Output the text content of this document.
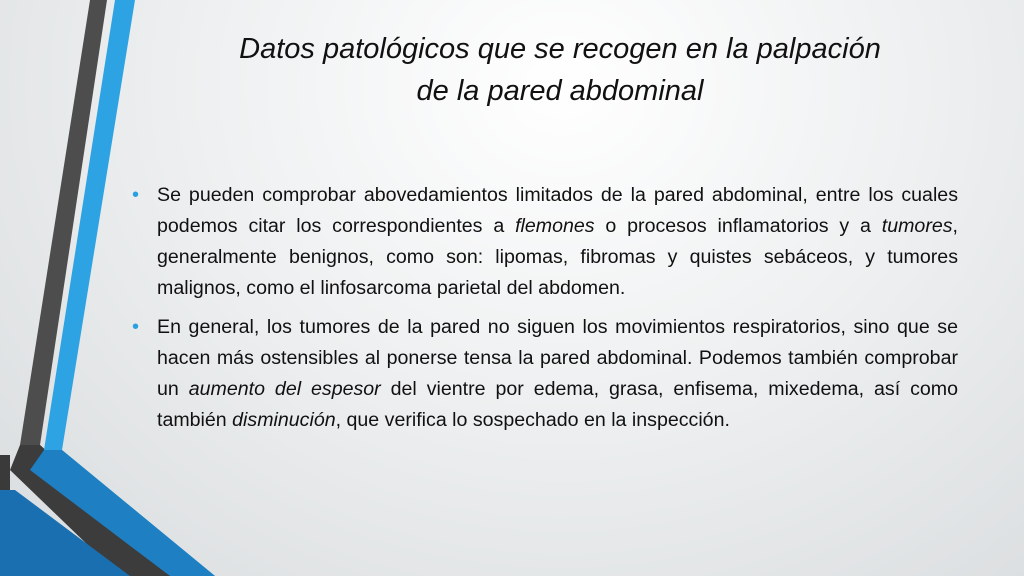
Datos patológicos que se recogen en la palpación
de la pared abdominal
• Se pueden comprobar abovedamientos limitados de la pared abdominal, entre los cuales podemos citar los correspondientes a flemones o procesos inflamatorios y a tumores, generalmente benignos, como son: lipomas, fibromas y quistes sebáceos, y tumores malignos, como el linfosarcoma parietal del abdomen.
• En general, los tumores de la pared no siguen los movimientos respiratorios, sino que se hacen más ostensibles al ponerse tensa la pared abdominal. Podemos también comprobar un aumento del espesor del vientre por edema, grasa, enfisema, mixedema, así como también disminución, que verifica lo sospechado en la inspección.
